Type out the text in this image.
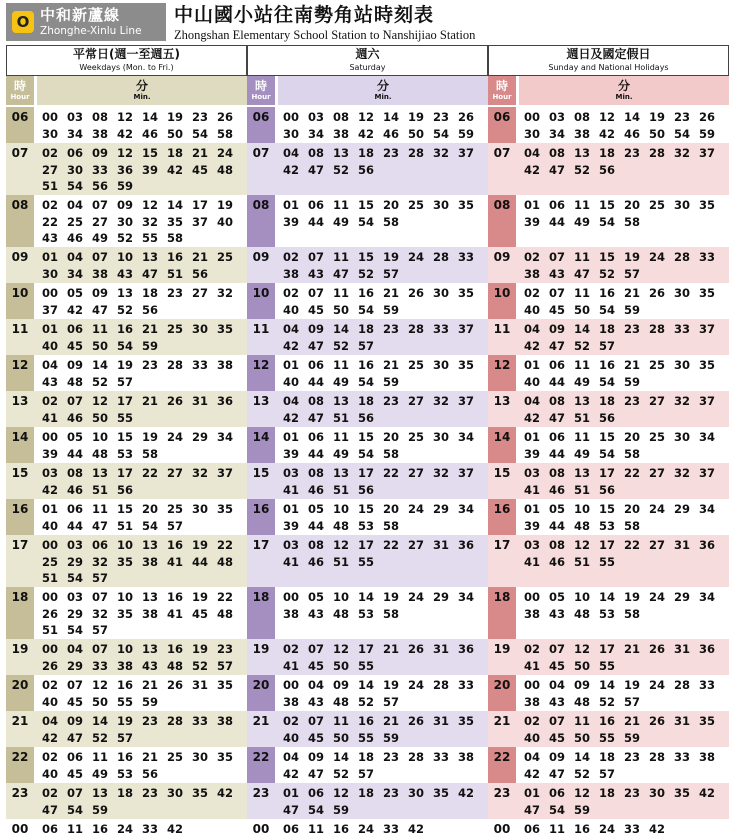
O 中和新蘆線
Zhonghe-Xinlu Line
中山國小站往南勢角站時刻表
Zhongshan Elementary School Station to Nanshijiao Station
平常日(週一至週五)
Weekdays (Mon. to Fri.)
時
Hour
分
Min.
06	00 03 08 12 14 19 23 26
30 34 38 42 46 50 54 58
07	02 06 09 12 15 18 21 24
27 30 33 36 39 42 45 48
51 54 56 59
08	02 04 07 09 12 14 17 19
22 25 27 30 32 35 37 40
43 46 49 52 55 58
09	01 04 07 10 13 16 21 25
30 34 38 43 47 51 56
10	00 05 09 13 18 23 27 32
37 42 47 52 56
11	01 06 11 16 21 25 30 35
40 45 50 54 59
12	04 09 14 19 23 28 33 38
43 48 52 57
13	02 07 12 17 21 26 31 36
41 46 50 55
14	00 05 10 15 19 24 29 34
39 44 48 53 58
15	03 08 13 17 22 27 32 37
42 46 51 56
16	01 06 11 15 20 25 30 35
40 44 47 51 54 57
17	00 03 06 10 13 16 19 22
25 29 32 35 38 41 44 48
51 54 57
18	00 03 07 10 13 16 19 22
26 29 32 35 38 41 45 48
51 54 57
19	00 04 07 10 13 16 19 23
26 29 33 38 43 48 52 57
20	02 07 12 16 21 26 31 35
40 45 50 55 59
21	04 09 14 19 23 28 33 38
42 47 52 57
22	02 06 11 16 21 25 30 35
40 45 49 53 56
23	02 07 13 18 23 30 35 42
47 54 59
00	06 11 16 24 33 42
週六
Saturday
時
Hour
分
Min.
06	00 03 08 12 14 19 23 26
30 34 38 42 46 50 54 59
07	04 08 13 18 23 28 32 37
42 47 52 56
08	01 06 11 15 20 25 30 35
39 44 49 54 58
09	02 07 11 15 19 24 28 33
38 43 47 52 57
10	02 07 11 16 21 26 30 35
40 45 50 54 59
11	04 09 14 18 23 28 33 37
42 47 52 57
12	01 06 11 16 21 25 30 35
40 44 49 54 59
13	04 08 13 18 23 27 32 37
42 47 51 56
14	01 06 11 15 20 25 30 34
39 44 49 54 58
15	03 08 13 17 22 27 32 37
41 46 51 56
16	01 05 10 15 20 24 29 34
39 44 48 53 58
17	03 08 12 17 22 27 31 36
41 46 51 55
18	00 05 10 14 19 24 29 34
38 43 48 53 58
19	02 07 12 17 21 26 31 36
41 45 50 55
20	00 04 09 14 19 24 28 33
38 43 48 52 57
21	02 07 11 16 21 26 31 35
40 45 50 55 59
22	04 09 14 18 23 28 33 38
42 47 52 57
23	01 06 12 18 23 30 35 42
47 54 59
00	06 11 16 24 33 42
週日及國定假日
Sunday and National Holidays
時
Hour
分
Min.
06	00 03 08 12 14 19 23 26
30 34 38 42 46 50 54 59
07	04 08 13 18 23 28 32 37
42 47 52 56
08	01 06 11 15 20 25 30 35
39 44 49 54 58
09	02 07 11 15 19 24 28 33
38 43 47 52 57
10	02 07 11 16 21 26 30 35
40 45 50 54 59
11	04 09 14 18 23 28 33 37
42 47 52 57
12	01 06 11 16 21 25 30 35
40 44 49 54 59
13	04 08 13 18 23 27 32 37
42 47 51 56
14	01 06 11 15 20 25 30 34
39 44 49 54 58
15	03 08 13 17 22 27 32 37
41 46 51 56
16	01 05 10 15 20 24 29 34
39 44 48 53 58
17	03 08 12 17 22 27 31 36
41 46 51 55
18	00 05 10 14 19 24 29 34
38 43 48 53 58
19	02 07 12 17 21 26 31 36
41 45 50 55
20	00 04 09 14 19 24 28 33
38 43 48 52 57
21	02 07 11 16 21 26 31 35
40 45 50 55 59
22	04 09 14 18 23 28 33 38
42 47 52 57
23	01 06 12 18 23 30 35 42
47 54 59
00	06 11 16 24 33 42
